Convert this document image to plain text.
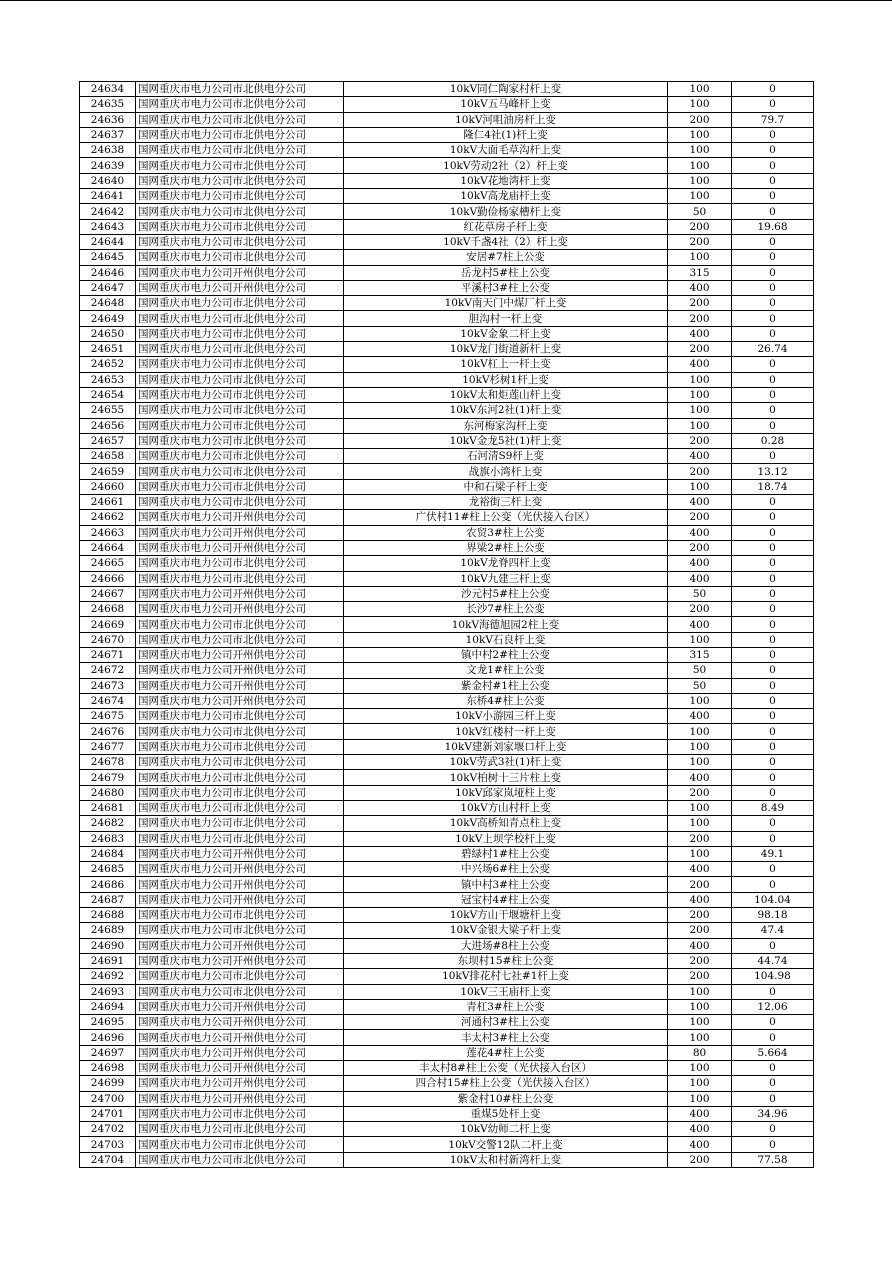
24634	国网重庆市电力公司市北供电分公司	10kV同仁陶家村杆上变	100	0
24635	国网重庆市电力公司市北供电分公司	10kV五马峰杆上变	100	0
24636	国网重庆市电力公司市北供电分公司	10kV河咀油房杆上变	200	79.7
24637	国网重庆市电力公司市北供电分公司	隆仁4社(1)杆上变	100	0
24638	国网重庆市电力公司市北供电分公司	10kV大面毛草沟杆上变	100	0
24639	国网重庆市电力公司市北供电分公司	10kV劳动2社（2）杆上变	100	0
24640	国网重庆市电力公司市北供电分公司	10kV花地湾杆上变	100	0
24641	国网重庆市电力公司市北供电分公司	10kV高龙庙杆上变	100	0
24642	国网重庆市电力公司市北供电分公司	10kV勤俭杨家槽杆上变	50	0
24643	国网重庆市电力公司市北供电分公司	红花草房子杆上变	200	19.68
24644	国网重庆市电力公司市北供电分公司	10kV千盏4社（2）杆上变	200	0
24645	国网重庆市电力公司市北供电分公司	安居#7柱上公变	100	0
24646	国网重庆市电力公司开州供电分公司	岳龙村5#柱上公变	315	0
24647	国网重庆市电力公司开州供电分公司	平溪村3#柱上公变	400	0
24648	国网重庆市电力公司市北供电分公司	10kV南天门中煤厂杆上变	200	0
24649	国网重庆市电力公司市北供电分公司	胆沟村一杆上变	200	0
24650	国网重庆市电力公司市北供电分公司	10kV金象二杆上变	400	0
24651	国网重庆市电力公司市北供电分公司	10kV龙门街道新杆上变	200	26.74
24652	国网重庆市电力公司市北供电分公司	10kV杠上一杆上变	400	0
24653	国网重庆市电力公司市北供电分公司	10kV杉树1杆上变	100	0
24654	国网重庆市电力公司市北供电分公司	10kV太和炬莲山杆上变	100	0
24655	国网重庆市电力公司市北供电分公司	10kV东河2社(1)杆上变	100	0
24656	国网重庆市电力公司市北供电分公司	东河梅家沟杆上变	100	0
24657	国网重庆市电力公司市北供电分公司	10kV金龙5社(1)杆上变	200	0.28
24658	国网重庆市电力公司市北供电分公司	石河清S9杆上变	400	0
24659	国网重庆市电力公司市北供电分公司	战旗小湾杆上变	200	13.12
24660	国网重庆市电力公司市北供电分公司	中和石梁子杆上变	100	18.74
24661	国网重庆市电力公司市北供电分公司	龙裕街三杆上变	400	0
24662	国网重庆市电力公司开州供电分公司	广伏村11#柱上公变（光伏接入台区）	200	0
24663	国网重庆市电力公司开州供电分公司	农贸3#柱上公变	400	0
24664	国网重庆市电力公司开州供电分公司	界梁2#柱上公变	200	0
24665	国网重庆市电力公司市北供电分公司	10kV龙脊四杆上变	400	0
24666	国网重庆市电力公司市北供电分公司	10kV九建三杆上变	400	0
24667	国网重庆市电力公司开州供电分公司	沙元村5#柱上公变	50	0
24668	国网重庆市电力公司开州供电分公司	长沙7#柱上公变	200	0
24669	国网重庆市电力公司市北供电分公司	10kV海德旭园2柱上变	400	0
24670	国网重庆市电力公司市北供电分公司	10kV石良杆上变	100	0
24671	国网重庆市电力公司开州供电分公司	镇中村2#柱上公变	315	0
24672	国网重庆市电力公司开州供电分公司	文龙1#柱上公变	50	0
24673	国网重庆市电力公司开州供电分公司	紫金村#1柱上公变	50	0
24674	国网重庆市电力公司开州供电分公司	东桥4#柱上公变	100	0
24675	国网重庆市电力公司市北供电分公司	10kV小游园三杆上变	400	0
24676	国网重庆市电力公司市北供电分公司	10kV红楼村一杆上变	100	0
24677	国网重庆市电力公司市北供电分公司	10kV建新刘家堰口杆上变	100	0
24678	国网重庆市电力公司市北供电分公司	10kV劳武3社(1)杆上变	100	0
24679	国网重庆市电力公司市北供电分公司	10kV柏树十三片柱上变	400	0
24680	国网重庆市电力公司市北供电分公司	10kV邱家岚垭柱上变	200	0
24681	国网重庆市电力公司市北供电分公司	10kV方山村杆上变	100	8.49
24682	国网重庆市电力公司市北供电分公司	10kV高桥知青点柱上变	100	0
24683	国网重庆市电力公司市北供电分公司	10kV上坝学校杆上变	200	0
24684	国网重庆市电力公司开州供电分公司	碧绿村1#柱上公变	100	49.1
24685	国网重庆市电力公司开州供电分公司	中兴场6#柱上公变	400	0
24686	国网重庆市电力公司开州供电分公司	镇中村3#柱上公变	200	0
24687	国网重庆市电力公司开州供电分公司	冠宝村4#柱上公变	400	104.04
24688	国网重庆市电力公司市北供电分公司	10kV方山干堰塘杆上变	200	98.18
24689	国网重庆市电力公司市北供电分公司	10kV金银大梁子杆上变	200	47.4
24690	国网重庆市电力公司开州供电分公司	大进场#8柱上公变	400	0
24691	国网重庆市电力公司开州供电分公司	东坝村15#柱上公变	200	44.74
24692	国网重庆市电力公司市北供电分公司	10kV排花村七社#1杆上变	200	104.98
24693	国网重庆市电力公司市北供电分公司	10kV三王庙杆上变	100	0
24694	国网重庆市电力公司开州供电分公司	青杠3#柱上公变	100	12.06
24695	国网重庆市电力公司开州供电分公司	河通村3#柱上公变	100	0
24696	国网重庆市电力公司开州供电分公司	丰太村3#柱上公变	100	0
24697	国网重庆市电力公司开州供电分公司	莲花4#柱上公变	80	5.664
24698	国网重庆市电力公司开州供电分公司	丰太村8#柱上公变（光伏接入台区）	100	0
24699	国网重庆市电力公司开州供电分公司	四合村15#柱上公变（光伏接入台区）	100	0
24700	国网重庆市电力公司开州供电分公司	紫金村10#柱上公变	100	0
24701	国网重庆市电力公司市北供电分公司	重煤5处杆上变	400	34.96
24702	国网重庆市电力公司市北供电分公司	10kV幼师二杆上变	400	0
24703	国网重庆市电力公司市北供电分公司	10kV交警12队二杆上变	400	0
24704	国网重庆市电力公司市北供电分公司	10kV太和村新湾杆上变	200	77.58
